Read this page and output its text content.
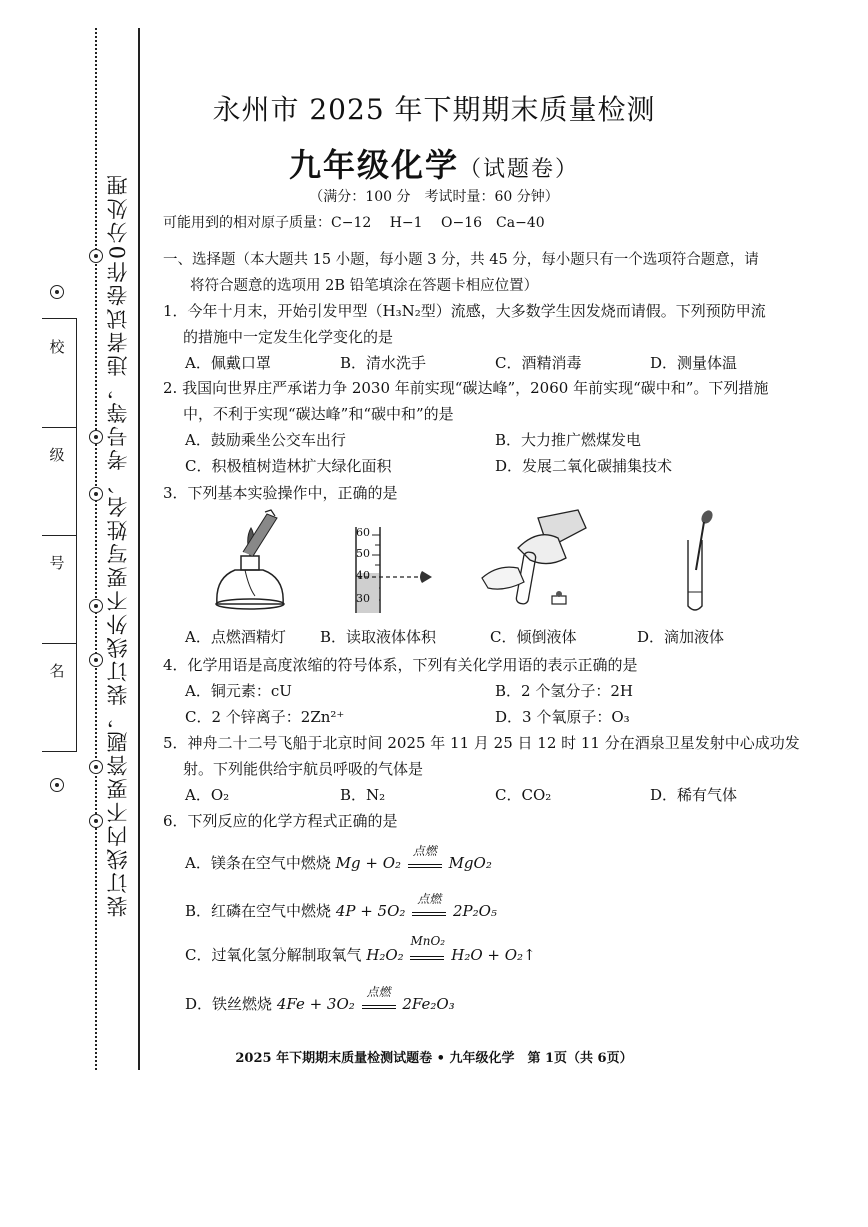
装订线内不要答题，装订线外不要写姓名、考号等，违者试卷作0分处理
校
级
号
名
永州市 2025 年下期期末质量检测
九年级化学（试题卷）
（满分：100 分　考试时量：60 分钟）
可能用到的相对原子质量：C−12　 H−1　 O−16　Ca−40
一、选择题（本大题共 15 小题，每小题 3 分，共 45 分，每小题只有一个选项符合题意，请
将符合题意的选项用 2B 铅笔填涂在答题卡相应位置）
1．今年十月末，开始引发甲型（H₃N₂型）流感，大多数学生因发烧而请假。下列预防甲流
的措施中一定发生化学变化的是
A．佩戴口罩	B．清水洗手	C．酒精消毒	D．测量体温
2. 我国向世界庄严承诺力争 2030 年前实现“碳达峰”，2060 年前实现“碳中和”。下列措施
中，不利于实现“碳达峰”和“碳中和”的是
A．鼓励乘坐公交车出行	B．大力推广燃煤发电
C．积极植树造林扩大绿化面积	D．发展二氧化碳捕集技术
3．下列基本实验操作中，正确的是
60
50
40
30
A．点燃酒精灯 B．读取液体体积	C．倾倒液体	D．滴加液体
4．化学用语是高度浓缩的符号体系，下列有关化学用语的表示正确的是
A．铜元素：cU	B．2 个氢分子：2H
C．2 个锌离子：2Zn²⁺	D．3 个氧原子：O₃
5．神舟二十二号飞船于北京时间 2025 年 11 月 25 日 12 时 11 分在酒泉卫星发射中心成功发
射。下列能供给宇航员呼吸的气体是
A．O₂	B．N₂	C．CO₂	D．稀有气体
6．下列反应的化学方程式正确的是
A．镁条在空气中燃烧 Mg + O₂
点燃
MgO₂
B．红磷在空气中燃烧 4P + 5O₂
点燃
2P₂O₅
C．过氧化氢分解制取氧气 H₂O₂
MnO₂
H₂O + O₂↑
D．铁丝燃烧 4Fe + 3O₂
点燃
2Fe₂O₃
2025 年下期期末质量检测试题卷 • 九年级化学　第 1页（共 6页）
